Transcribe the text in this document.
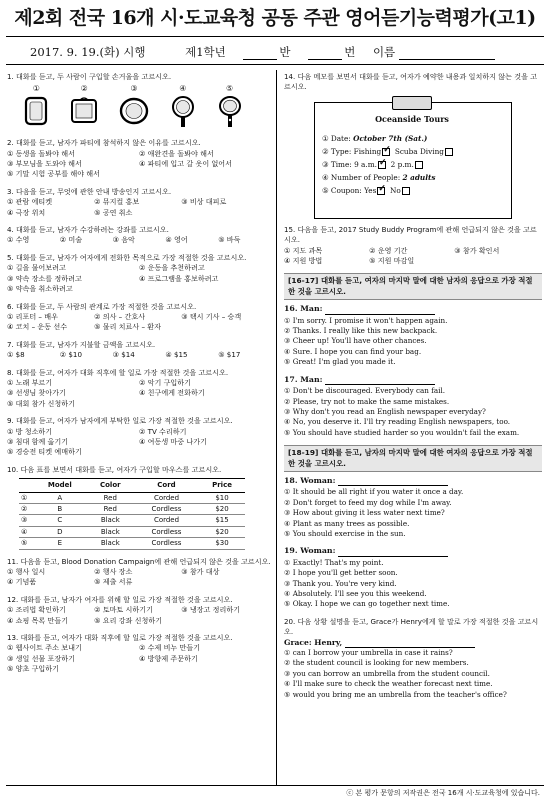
제2회 전국 16개 시·도교육청 공동 주관 영어듣기능력평가(고1)
2017. 9. 19.(화) 시행	제1학년	반	번 이름
1. 대화를 듣고, 두 사람이 구입할 손거울을 고르시오.
①	②	③	④	⑤
2. 대화를 듣고, 남자가 파티에 참석하지 않은 이유를 고르시오.
① 동생을 돌봐야 해서	② 애완견을 돌봐야 해서
③ 부모님을 도와야 해서	④ 파티에 입고 갈 옷이 없어서
⑤ 기말 시험 공부를 해야 해서
3. 다음을 듣고, 무엇에 관한 안내 방송인지 고르시오.
① 관람 에티켓	② 뮤지컬 홍보	③ 비상 대피로
④ 극장 위치	⑤ 공연 취소
4. 대화를 듣고, 남자가 수강하려는 강좌를 고르시오.
① 수영	② 미술	③ 음악	④ 영어	⑤ 바둑
5. 대화를 듣고, 남자가 여자에게 전화한 목적으로 가장 적절한 것을 고르시오.
① 길을 물어보려고	② 운동을 추천하려고
③ 약속 장소를 정하려고	④ 프로그램을 홍보하려고
⑤ 약속을 취소하려고
6. 대화를 듣고, 두 사람의 관계로 가장 적절한 것을 고르시오.
① 리포터 – 배우	② 의사 – 간호사	③ 택시 기사 – 승객
④ 코치 – 운동 선수	⑤ 물리 치료사 – 환자
7. 대화를 듣고, 남자가 지불할 금액을 고르시오.
① $8	② $10	③ $14	④ $15	⑤ $17
8. 대화를 듣고, 여자가 대화 직후에 할 일로 가장 적절한 것을 고르시오.
① 노래 부르기	② 악기 구입하기
③ 선생님 찾아가기	④ 친구에게 전화하기
⑤ 대회 참가 신청하기
9. 대화를 듣고, 여자가 남자에게 부탁한 일로 가장 적절한 것을 고르시오.
① 방 청소하기	② TV 수리하기
③ 침대 함께 옮기기	④ 여동생 마중 나가기
⑤ 경승전 티켓 예매하기
10. 다음 표를 보면서 대화를 듣고, 여자가 구입할 마우스를 고르시오.
	Model	Color	Cord	Price
①	A	Red	Corded	$10
②	B	Red	Cordless	$20
③	C	Black	Corded	$15
④	D	Black	Cordless	$20
⑤	E	Black	Cordless	$30
11. 다음을 듣고, Blood Donation Campaign에 관해 언급되지 않은 것을 고르시오.
① 행사 일시	② 행사 장소	③ 참가 대상
④ 기념품	⑤ 제출 서류
12. 대화를 듣고, 남자가 여자를 위해 할 일로 가장 적절한 것을 고르시오.
① 조리법 확인하기	② 토마토 시하기기	③ 냉장고 정리하기
④ 쇼핑 목록 만들기	⑤ 요리 강좌 신청하기
13. 대화를 듣고, 여자가 대화 직후에 할 일로 가장 적절한 것을 고르시오.
① 웹사이트 주소 보내기	② 수제 비누 만들기
③ 생일 선물 포장하기	④ 방향제 주문하기
⑤ 양초 구입하기
14. 다음 메모를 보면서 대화를 듣고, 여자가 예약한 내용과 일치하지 않는 것을 고르시오.
Oceanside Tours
① Date: October 7th (Sat.)
② Type: Fishing ✓ Scuba Diving
③ Time: 9 a.m. ✓ 2 p.m.
④ Number of People: 2 adults
⑤ Coupon: Yes ✓ No
15. 다음을 듣고, 2017 Study Buddy Program에 관해 언급되지 않은 것을 고르시오.
① 지도 과목	② 운영 기간	③ 참가 확인서
④ 지원 방법	⑤ 지원 마감일
[16-17] 대화를 듣고, 여자의 마지막 말에 대한 남자의 응답으로 가장 적절한 것을 고르시오.
16. Man:
① I'm sorry. I promise it won't happen again.
② Thanks. I really like this new backpack.
③ Cheer up! You'll have other chances.
④ Sure. I hope you can find your bag.
⑤ Great! I'm glad you made it.
17. Man:
① Don't be discouraged. Everybody can fail.
② Please, try not to make the same mistakes.
③ Why don't you read an English newspaper everyday?
④ No, you deserve it. I'll try reading English newspapers, too.
⑤ You should have studied harder so you wouldn't fail the exam.
[18-19] 대화를 듣고, 남자의 마지막 말에 대한 여자의 응답으로 가장 적절한 것을 고르시오.
18. Woman:
① It should be all right if you water it once a day.
② Don't forget to feed my dog while I'm away.
③ How about giving it less water next time?
④ Plant as many trees as possible.
⑤ You should exercise in the sun.
19. Woman:
① Exactly! That's my point.
② I hope you'll get better soon.
③ Thank you. You're very kind.
④ Absolutely. I'll see you this weekend.
⑤ Okay. I hope we can go together next time.
20. 다음 상황 설명을 듣고, Grace가 Henry에게 할 말로 가장 적절한 것을 고르시오.
Grace: Henry,
① can I borrow your umbrella in case it rains?
② the student council is looking for new members.
③ you can borrow an umbrella from the student council.
④ I'll make sure to check the weather forecast next time.
⑤ would you bring me an umbrella from the teacher's office?
ⓒ 본 평가 문항의 저작권은 전국 16개 시·도교육청에 있습니다.
